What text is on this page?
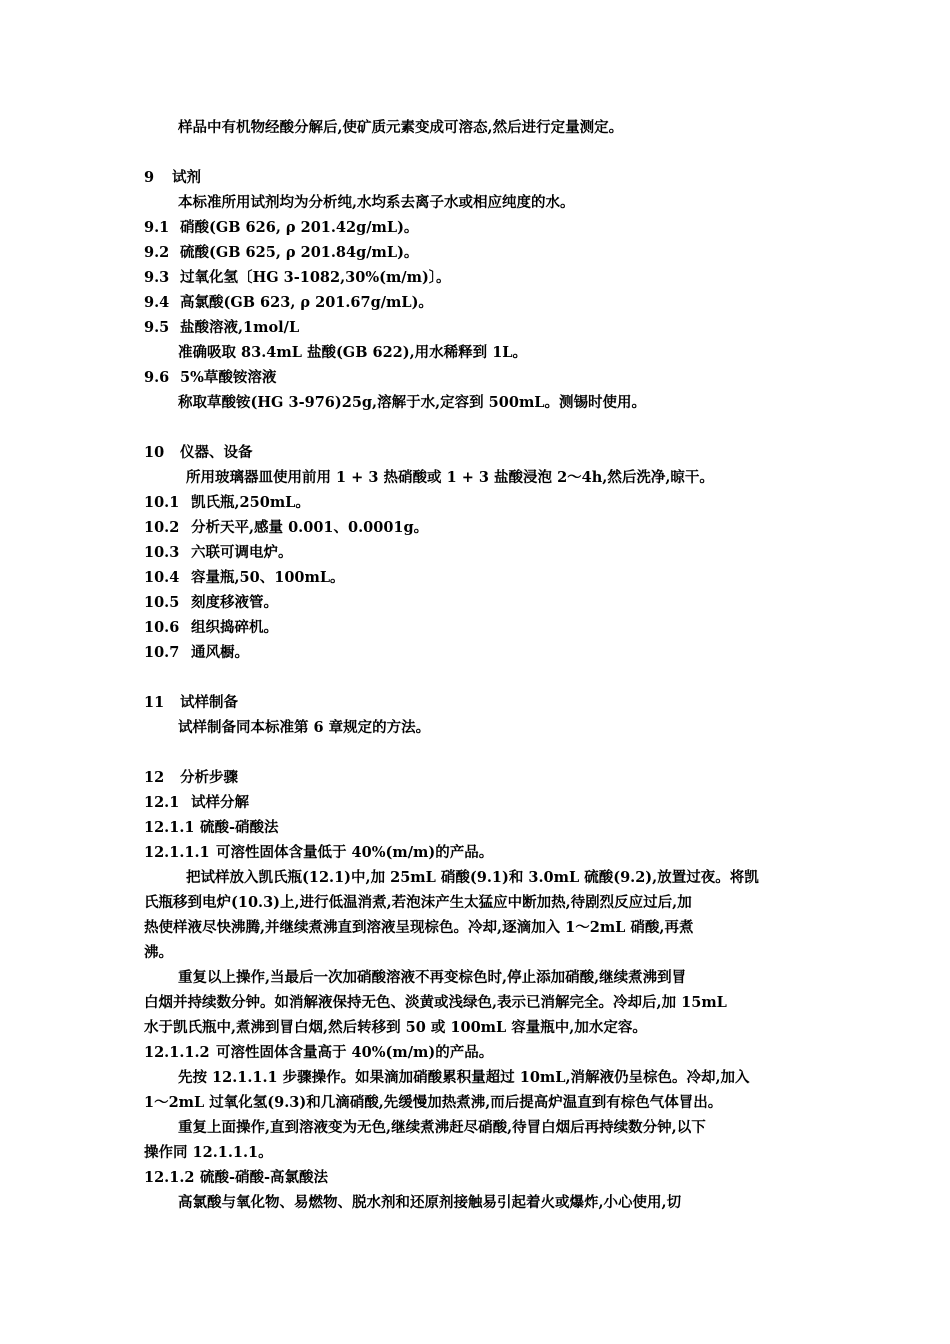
样品中有机物经酸分解后,使矿质元素变成可溶态,然后进行定量测定。
9 试剂
本标准所用试剂均为分析纯,水均系去离子水或相应纯度的水。
9.1 硝酸(GB 626, ρ 201.42g/mL)。
9.2 硫酸(GB 625, ρ 201.84g/mL)。
9.3 过氧化氢〔HG 3-1082,30%(m/m)〕。
9.4 高氯酸(GB 623, ρ 201.67g/mL)。
9.5 盐酸溶液,1mol/L
准确吸取 83.4mL 盐酸(GB 622),用水稀释到 1L。
9.6 5%草酸铵溶液
称取草酸铵(HG 3-976)25g,溶解于水,定容到 500mL。测锡时使用。
10 仪器、设备
所用玻璃器皿使用前用 1 + 3 热硝酸或 1 + 3 盐酸浸泡 2～4h,然后洗净,晾干。
10.1 凯氏瓶,250mL。
10.2 分析天平,感量 0.001、0.0001g。
10.3 六联可调电炉。
10.4 容量瓶,50、100mL。
10.5 刻度移液管。
10.6 组织捣碎机。
10.7 通风橱。
11 试样制备
试样制备同本标准第 6 章规定的方法。
12 分析步骤
12.1 试样分解
12.1.1 硫酸-硝酸法
12.1.1.1 可溶性固体含量低于 40%(m/m)的产品。
把试样放入凯氏瓶(12.1)中,加 25mL 硝酸(9.1)和 3.0mL 硫酸(9.2),放置过夜。将凯
氏瓶移到电炉(10.3)上,进行低温消煮,若泡沫产生太猛应中断加热,待剧烈反应过后,加
热使样液尽快沸腾,并继续煮沸直到溶液呈现棕色。冷却,逐滴加入 1～2mL 硝酸,再煮
沸。
重复以上操作,当最后一次加硝酸溶液不再变棕色时,停止添加硝酸,继续煮沸到冒
白烟并持续数分钟。如消解液保持无色、淡黄或浅绿色,表示已消解完全。冷却后,加 15mL
水于凯氏瓶中,煮沸到冒白烟,然后转移到 50 或 100mL 容量瓶中,加水定容。
12.1.1.2 可溶性固体含量高于 40%(m/m)的产品。
先按 12.1.1.1 步骤操作。如果滴加硝酸累积量超过 10mL,消解液仍呈棕色。冷却,加入
1～2mL 过氧化氢(9.3)和几滴硝酸,先缓慢加热煮沸,而后提高炉温直到有棕色气体冒出。
重复上面操作,直到溶液变为无色,继续煮沸赶尽硝酸,待冒白烟后再持续数分钟,以下
操作同 12.1.1.1。
12.1.2 硫酸-硝酸-高氯酸法
高氯酸与氧化物、易燃物、脱水剂和还原剂接触易引起着火或爆炸,小心使用,切
